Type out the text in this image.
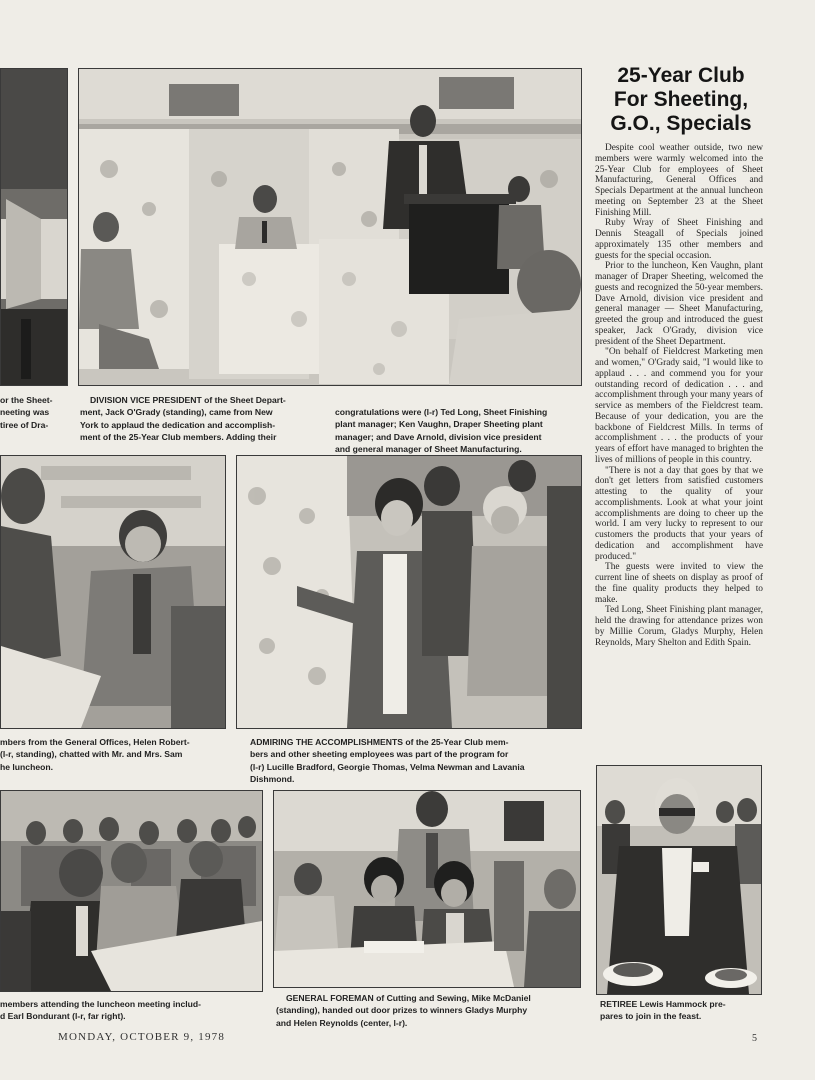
or the Sheet-
neeting was
tiree of Dra-

DIVISION VICE PRESIDENT of the Sheet Depart-
ment, Jack O'Grady (standing), came from New
York to applaud the dedication and accomplish-
ment of the 25-Year Club members. Adding their

congratulations were (l-r) Ted Long, Sheet Finishing
plant manager; Ken Vaughn, Draper Sheeting plant
manager; and Dave Arnold, division vice president
and general manager of Sheet Manufacturing.

mbers from the General Offices, Helen Robert-
(l-r, standing), chatted with Mr. and Mrs. Sam
he luncheon.

ADMIRING THE ACCOMPLISHMENTS of the 25-Year Club mem-
bers and other sheeting employees was part of the program for
(l-r) Lucille Bradford, Georgie Thomas, Velma Newman and Lavania
Dishmond.

members attending the luncheon meeting includ-
d Earl Bondurant (l-r, far right).

GENERAL FOREMAN of Cutting and Sewing, Mike McDaniel
(standing), handed out door prizes to winners Gladys Murphy
and Helen Reynolds (center, l-r).

RETIREE Lewis Hammock pre-
pares to join in the feast.

25-Year Club
For Sheeting,
G.O., Specials

Despite cool weather outside, two new members were warmly welcomed into the 25-Year Club for employees of Sheet Manufacturing, General Offices and Specials Department at the annual luncheon meeting on September 23 at the Sheet Finishing Mill.

Ruby Wray of Sheet Finishing and Dennis Steagall of Specials joined approximately 135 other members and guests for the special occasion.

Prior to the luncheon, Ken Vaughn, plant manager of Draper Sheeting, welcomed the guests and recognized the 50-year members. Dave Arnold, division vice president and general manager — Sheet Manufacturing, greeted the group and introduced the guest speaker, Jack O'Grady, division vice president of the Sheet Department.

"On behalf of Fieldcrest Marketing men and women," O'Grady said, "I would like to applaud . . . and commend you for your outstanding record of dedication . . . and accomplishment through your many years of service as members of the Fieldcrest team. Because of your dedication, you are the backbone of Fieldcrest Mills. In terms of accomplishment . . . the products of your years of effort have managed to brighten the lives of millions of people in this country.

"There is not a day that goes by that we don't get letters from satisfied customers attesting to the quality of your accomplishments. Look at what your joint accomplishments are doing to cheer up the world. I am very lucky to represent to our customers the products that your years of dedication and accomplishment have produced."

The guests were invited to view the current line of sheets on display as proof of the fine quality products they helped to make.

Ted Long, Sheet Finishing plant manager, held the drawing for attendance prizes won by Millie Corum, Gladys Murphy, Helen Reynolds, Mary Shelton and Edith Spain.

MONDAY, OCTOBER 9, 1978	5
